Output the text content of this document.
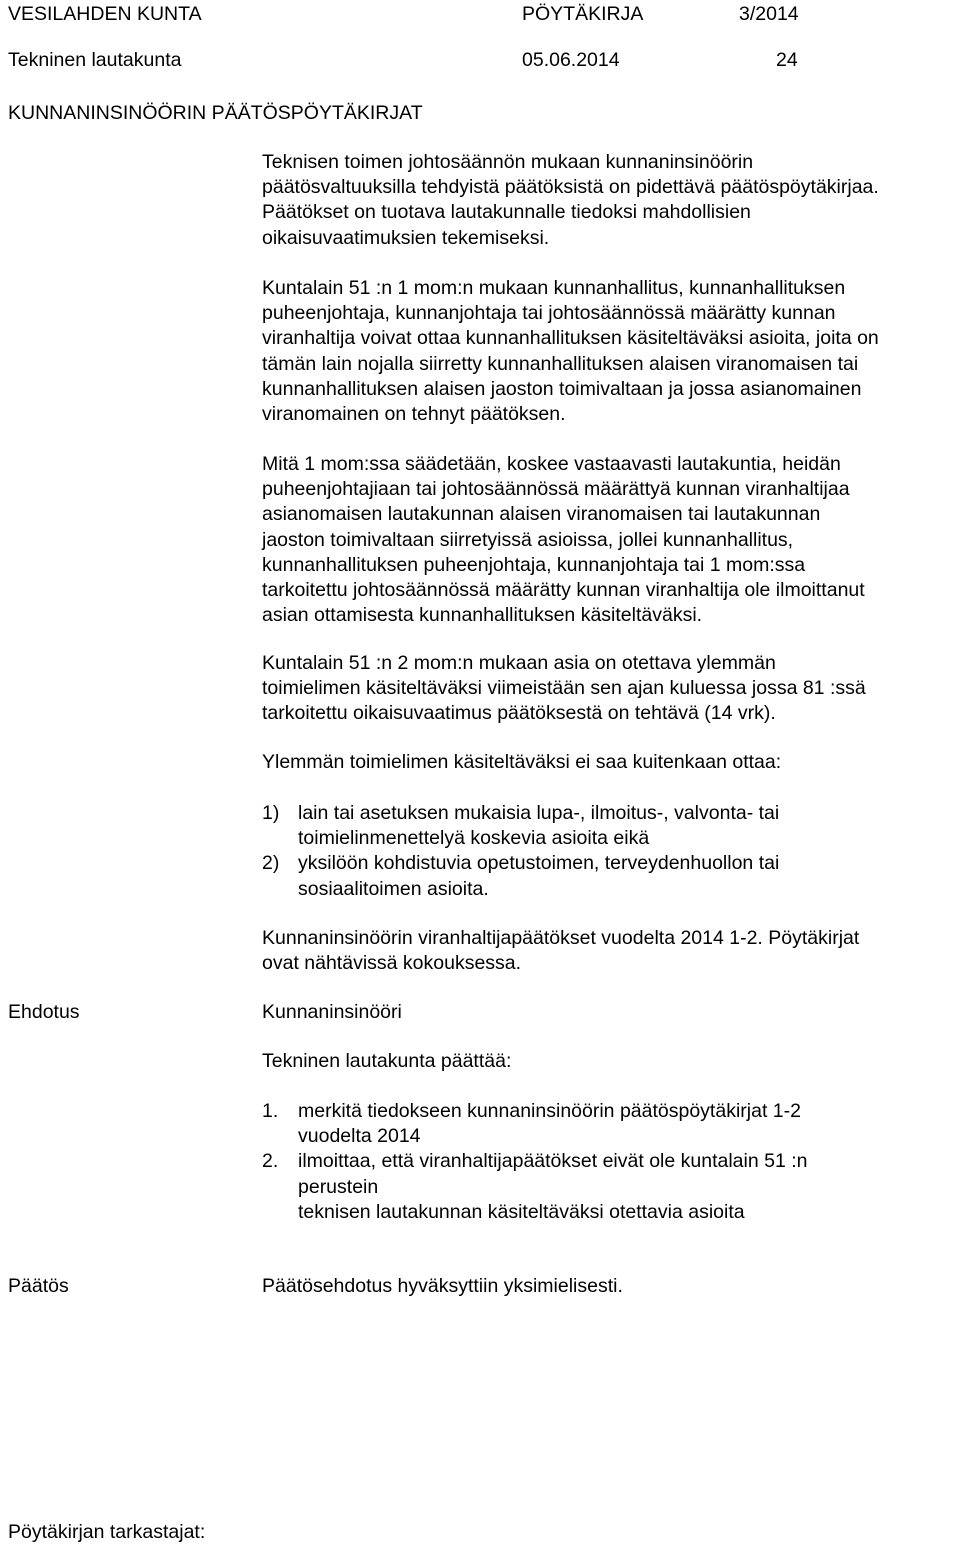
VESILAHDEN KUNTA	PÖYTÄKIRJA	3/2014
Tekninen lautakunta	05.06.2014	24
KUNNANINSINÖÖRIN PÄÄTÖSPÖYTÄKIRJAT

Teknisen toimen johtosäännön mukaan kunnaninsinöörin

päätösvaltuuksilla tehdyistä päätöksistä on pidettävä päätöspöytäkirjaa.

Päätökset on tuotava lautakunnalle tiedoksi mahdollisien

oikaisuvaatimuksien tekemiseksi.

Kuntalain 51 :n 1 mom:n mukaan kunnanhallitus, kunnanhallituksen

puheenjohtaja, kunnanjohtaja tai johtosäännössä määrätty kunnan

viranhaltija voivat ottaa kunnanhallituksen käsiteltäväksi asioita, joita on

tämän lain nojalla siirretty kunnanhallituksen alaisen viranomaisen tai

kunnanhallituksen alaisen jaoston toimivaltaan ja jossa asianomainen

viranomainen on tehnyt päätöksen.

Mitä 1 mom:ssa säädetään, koskee vastaavasti lautakuntia, heidän

puheenjohtajiaan tai johtosäännössä määrättyä kunnan viranhaltijaa

asianomaisen lautakunnan alaisen viranomaisen tai lautakunnan

jaoston toimivaltaan siirretyissä asioissa, jollei kunnanhallitus,

kunnanhallituksen puheenjohtaja, kunnanjohtaja tai 1 mom:ssa

tarkoitettu johtosäännössä määrätty kunnan viranhaltija ole ilmoittanut

asian ottamisesta kunnanhallituksen käsiteltäväksi.

Kuntalain 51 :n 2 mom:n mukaan asia on otettava ylemmän

toimielimen käsiteltäväksi viimeistään sen ajan kuluessa jossa 81 :ssä

tarkoitettu oikaisuvaatimus päätöksestä on tehtävä (14 vrk).

Ylemmän toimielimen käsiteltäväksi ei saa kuitenkaan ottaa:

1) lain tai asetuksen mukaisia lupa-, ilmoitus-, valvonta- tai
toimielinmenettelyä koskevia asioita eikä
2) yksilöön kohdistuvia opetustoimen, terveydenhuollon tai
sosiaalitoimen asioita.

Kunnaninsinöörin viranhaltijapäätökset vuodelta 2014 1-2. Pöytäkirjat

ovat nähtävissä kokouksessa.

Ehdotus	Kunnaninsinööri
Tekninen lautakunta päättää:
1. merkitä tiedokseen kunnaninsinöörin päätöspöytäkirjat 1-2
vuodelta 2014
2. ilmoittaa, että viranhaltijapäätökset eivät ole kuntalain 51 :n
perustein
teknisen lautakunnan käsiteltäväksi otettavia asioita
Päätös	Päätösehdotus hyväksyttiin yksimielisesti.
Pöytäkirjan tarkastajat:
